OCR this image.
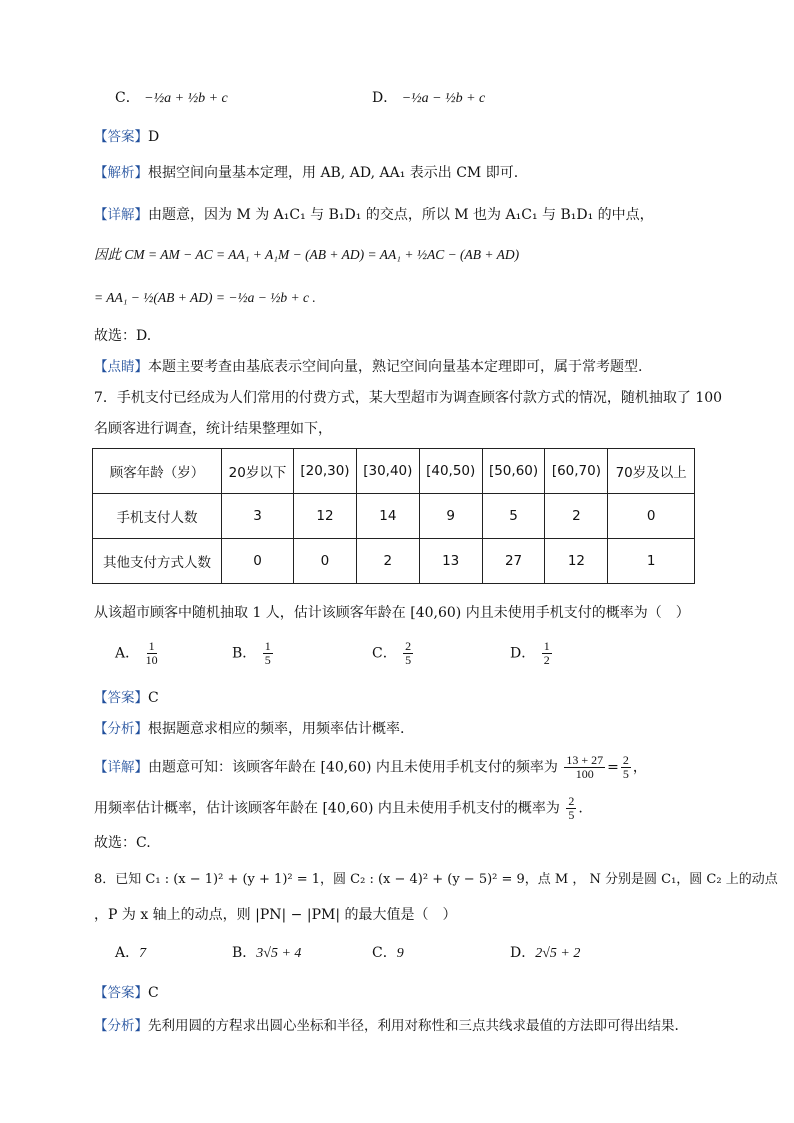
C． −½a + ½b + c	D． −½a − ½b + c
【答案】D
【解析】根据空间向量基本定理，用 AB, AD, AA₁ 表示出 CM 即可.
【详解】由题意，因为 M 为 A₁C₁ 与 B₁D₁ 的交点，所以 M 也为 A₁C₁ 与 B₁D₁ 的中点，
因此 CM = AM − AC = AA₁ + A₁M − (AB + AD) = AA₁ + ½AC − (AB + AD)
= AA₁ − ½(AB + AD) = −½a − ½b + c .
故选：D.
【点睛】本题主要考查由基底表示空间向量，熟记空间向量基本定理即可，属于常考题型.
7．手机支付已经成为人们常用的付费方式，某大型超市为调查顾客付款方式的情况，随机抽取了 100
名顾客进行调查，统计结果整理如下，
顾客年龄（岁）	20岁以下	[20,30)	[30,40)	[40,50)	[50,60)	[60,70)	70岁及以上
手机支付人数	3	12	14	9	5	2	0
其他支付方式人数	0	0	2	13	27	12	1
从该超市顾客中随机抽取 1 人，估计该顾客年龄在 [40,60) 内且未使用手机支付的概率为（　）
A． $\frac{1}{10}$	B． $\frac{1}{5}$	C． $\frac{2}{5}$	D． $\frac{1}{2}$
【答案】C
【分析】根据题意求相应的频率，用频率估计概率.
【详解】由题意可知：该顾客年龄在 [40,60) 内且未使用手机支付的频率为 $\frac{13 + 27}{100} = \frac{2}{5}$ ，
用频率估计概率，估计该顾客年龄在 [40,60) 内且未使用手机支付的概率为 $\frac{2}{5}$ .
故选：C.
8．已知 C₁ : (x − 1)² + (y + 1)² = 1，圆 C₂ : (x − 4)² + (y − 5)² = 9，点 M ， N 分别是圆 C₁，圆 C₂ 上的动点
，P 为 x 轴上的动点，则 |PN| − |PM| 的最大值是（　）
A．7	B．3√5 + 4	C．9	D．2√5 + 2
【答案】C
【分析】先利用圆的方程求出圆心坐标和半径，利用对称性和三点共线求最值的方法即可得出结果.
